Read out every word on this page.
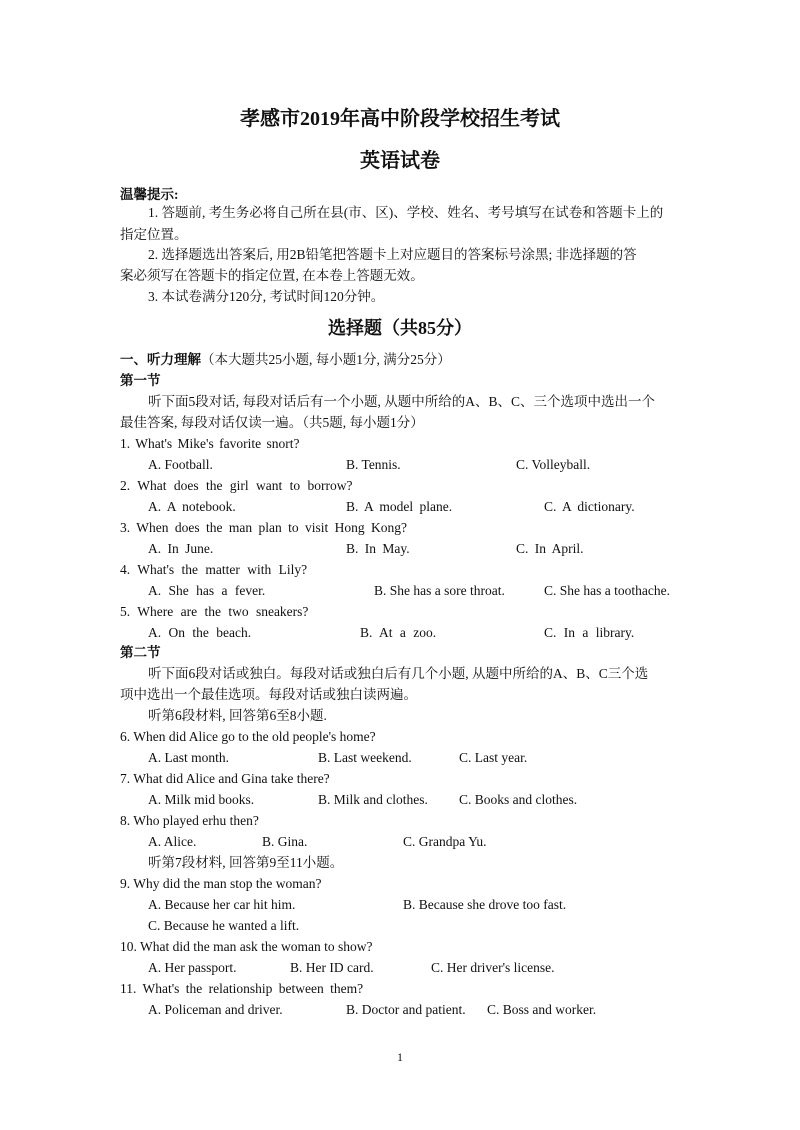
孝感市2019年高中阶段学校招生考试
英语试卷
温馨提示:
1. 答题前, 考生务必将自己所在县(市、区)、学校、姓名、考号填写在试卷和答题卡上的
指定位置。
2. 选择题选出答案后, 用2B铅笔把答题卡上对应题目的答案标号涂黑; 非选择题的答
案必须写在答题卡的指定位置, 在本卷上答题无效。
3. 本试卷满分120分, 考试时间120分钟。
选择题（共85分）
一、听力理解（本大题共25小题, 每小题1分, 满分25分）
第一节
听下面5段对话, 每段对话后有一个小题, 从题中所给的A、B、C、三个选项中选出一个
最佳答案, 每段对话仅读一遍。（共5题, 每小题1分）
1. What's Mike's favorite snort?
A. Football.	B. Tennis.	C. Volleyball.
2. What does the girl want to borrow?
A. A notebook.	B. A model plane.	C. A dictionary.
3. When does the man plan to visit Hong Kong?
A. In June.	B. In May.	C. In April.
4. What's the matter with Lily?
A. She has a fever.	B. She has a sore throat.	C. She has a toothache.
5. Where are the two sneakers?
A. On the beach.	B. At a zoo.	C. In a library.
第二节
听下面6段对话或独白。每段对话或独白后有几个小题, 从题中所给的A、B、C三个选
项中选出一个最佳选项。每段对话或独白读两遍。
听第6段材料, 回答第6至8小题.
6. When did Alice go to the old people's home?
A. Last month.	B. Last weekend.	C. Last year.
7. What did Alice and Gina take there?
A. Milk mid books.	B. Milk and clothes. C. Books and clothes.
8. Who played erhu then?
A. Alice.	B. Gina.	C. Grandpa Yu.
听第7段材料, 回答第9至11小题。
9. Why did the man stop the woman?
A. Because her car hit him.	B. Because she drove too fast.
C. Because he wanted a lift.
10. What did the man ask the woman to show?
A. Her passport.	B. Her ID card.	C. Her driver's license.
11. What's the relationship between them?
A. Policeman and driver.	B. Doctor and patient. C. Boss and worker.
1
